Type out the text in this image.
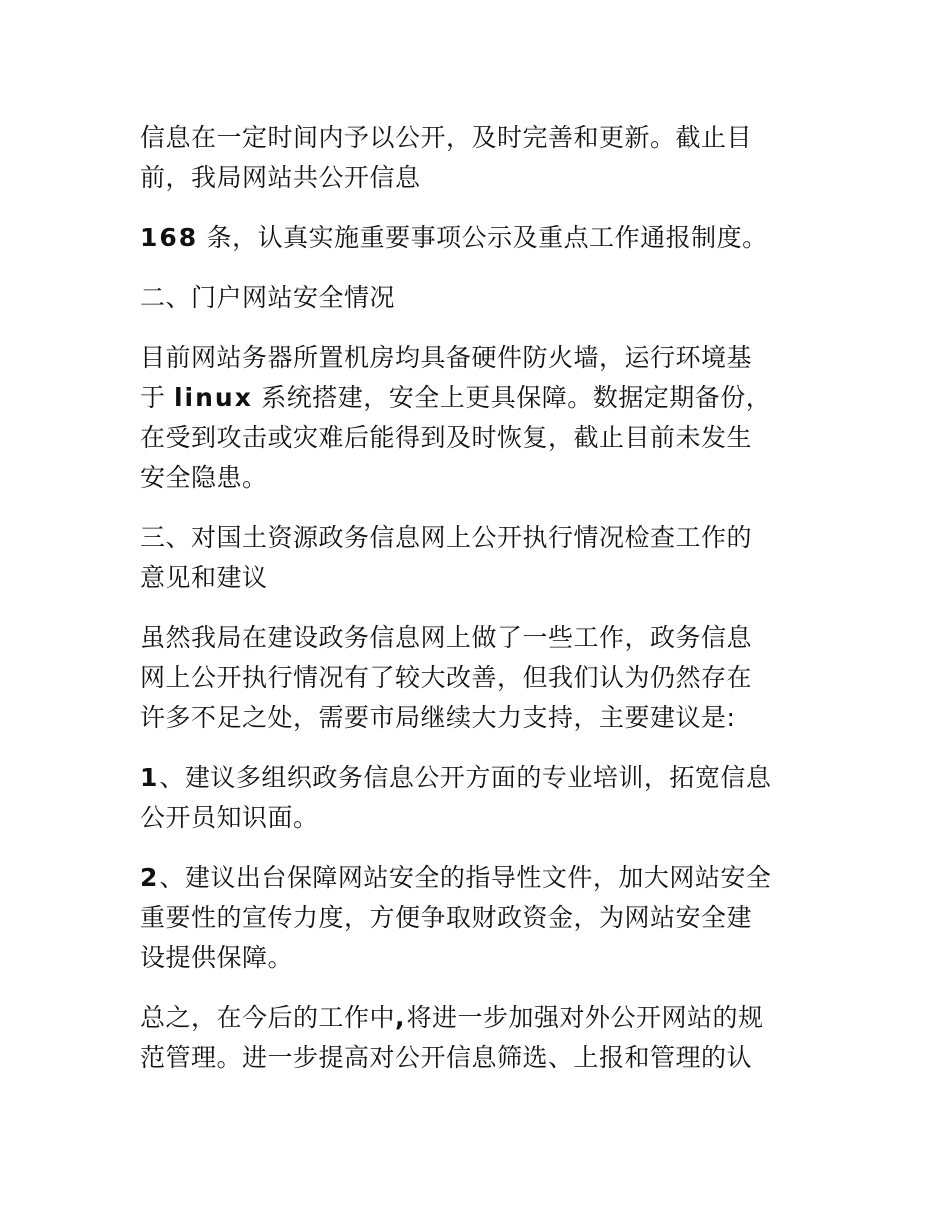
信息在一定时间内予以公开，及时完善和更新。截止目
前，我局网站共公开信息

168 条，认真实施重要事项公示及重点工作通报制度。

二、门户网站安全情况

目前网站务器所置机房均具备硬件防火墙，运行环境基
于 linux 系统搭建，安全上更具保障。数据定期备份，
在受到攻击或灾难后能得到及时恢复，截止目前未发生
安全隐患。

三、对国土资源政务信息网上公开执行情况检查工作的
意见和建议

虽然我局在建设政务信息网上做了一些工作，政务信息
网上公开执行情况有了较大改善，但我们认为仍然存在
许多不足之处，需要市局继续大力支持，主要建议是:

1、建议多组织政务信息公开方面的专业培训，拓宽信息
公开员知识面。

2、建议出台保障网站安全的指导性文件，加大网站安全
重要性的宣传力度，方便争取财政资金，为网站安全建
设提供保障。

总之，在今后的工作中,将进一步加强对外公开网站的规
范管理。进一步提高对公开信息筛选、上报和管理的认
